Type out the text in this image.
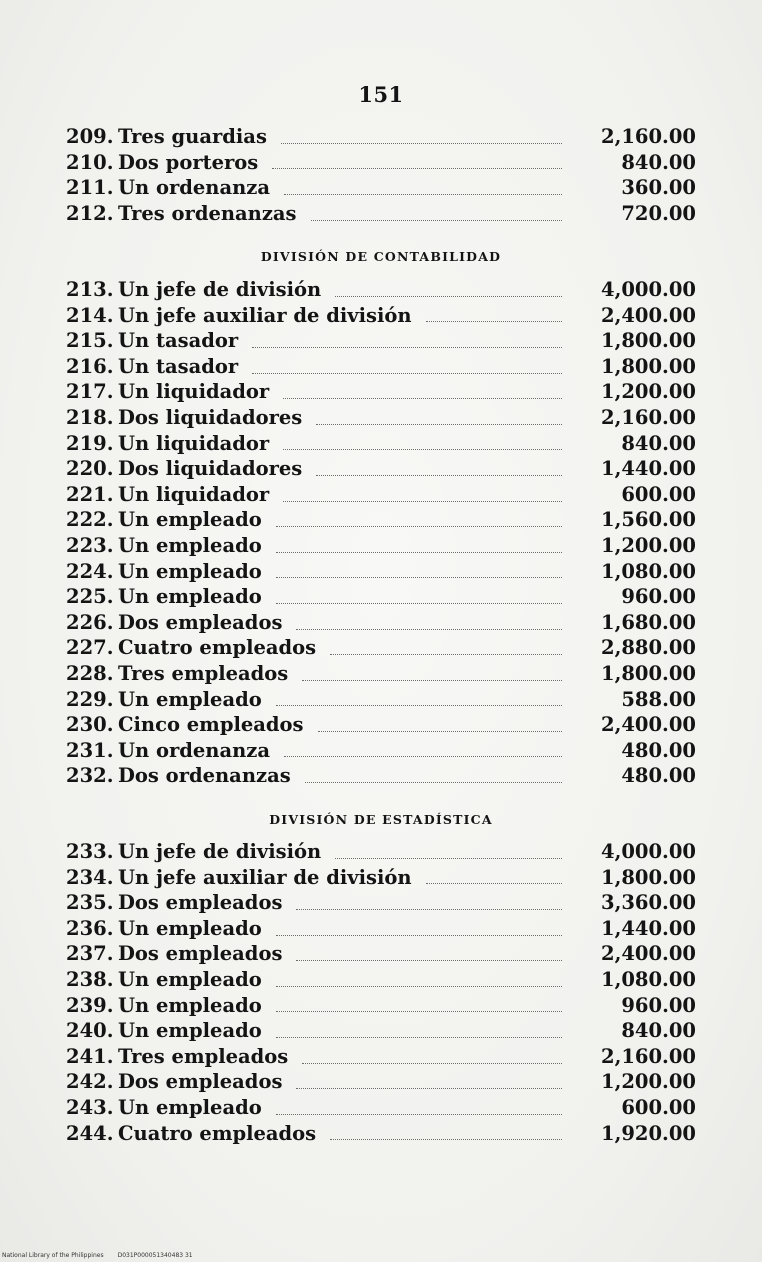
151
209. Tres guardias	2,160.00
210. Dos porteros	840.00
211. Un ordenanza	360.00
212. Tres ordenanzas	720.00
DIVISIÓN DE CONTABILIDAD
213. Un jefe de división	4,000.00
214. Un jefe auxiliar de división	2,400.00
215. Un tasador	1,800.00
216. Un tasador	1,800.00
217. Un liquidador	1,200.00
218. Dos liquidadores	2,160.00
219. Un liquidador	840.00
220. Dos liquidadores	1,440.00
221. Un liquidador	600.00
222. Un empleado	1,560.00
223. Un empleado	1,200.00
224. Un empleado	1,080.00
225. Un empleado	960.00
226. Dos empleados	1,680.00
227. Cuatro empleados	2,880.00
228. Tres empleados	1,800.00
229. Un empleado	588.00
230. Cinco empleados	2,400.00
231. Un ordenanza	480.00
232. Dos ordenanzas	480.00
DIVISIÓN DE ESTADÍSTICA
233. Un jefe de división	4,000.00
234. Un jefe auxiliar de división	1,800.00
235. Dos empleados	3,360.00
236. Un empleado	1,440.00
237. Dos empleados	2,400.00
238. Un empleado	1,080.00
239. Un empleado	960.00
240. Un empleado	840.00
241. Tres empleados	2,160.00
242. Dos empleados	1,200.00
243. Un empleado	600.00
244. Cuatro empleados	1,920.00
National Library of the Philippines D031P000051340483 31
